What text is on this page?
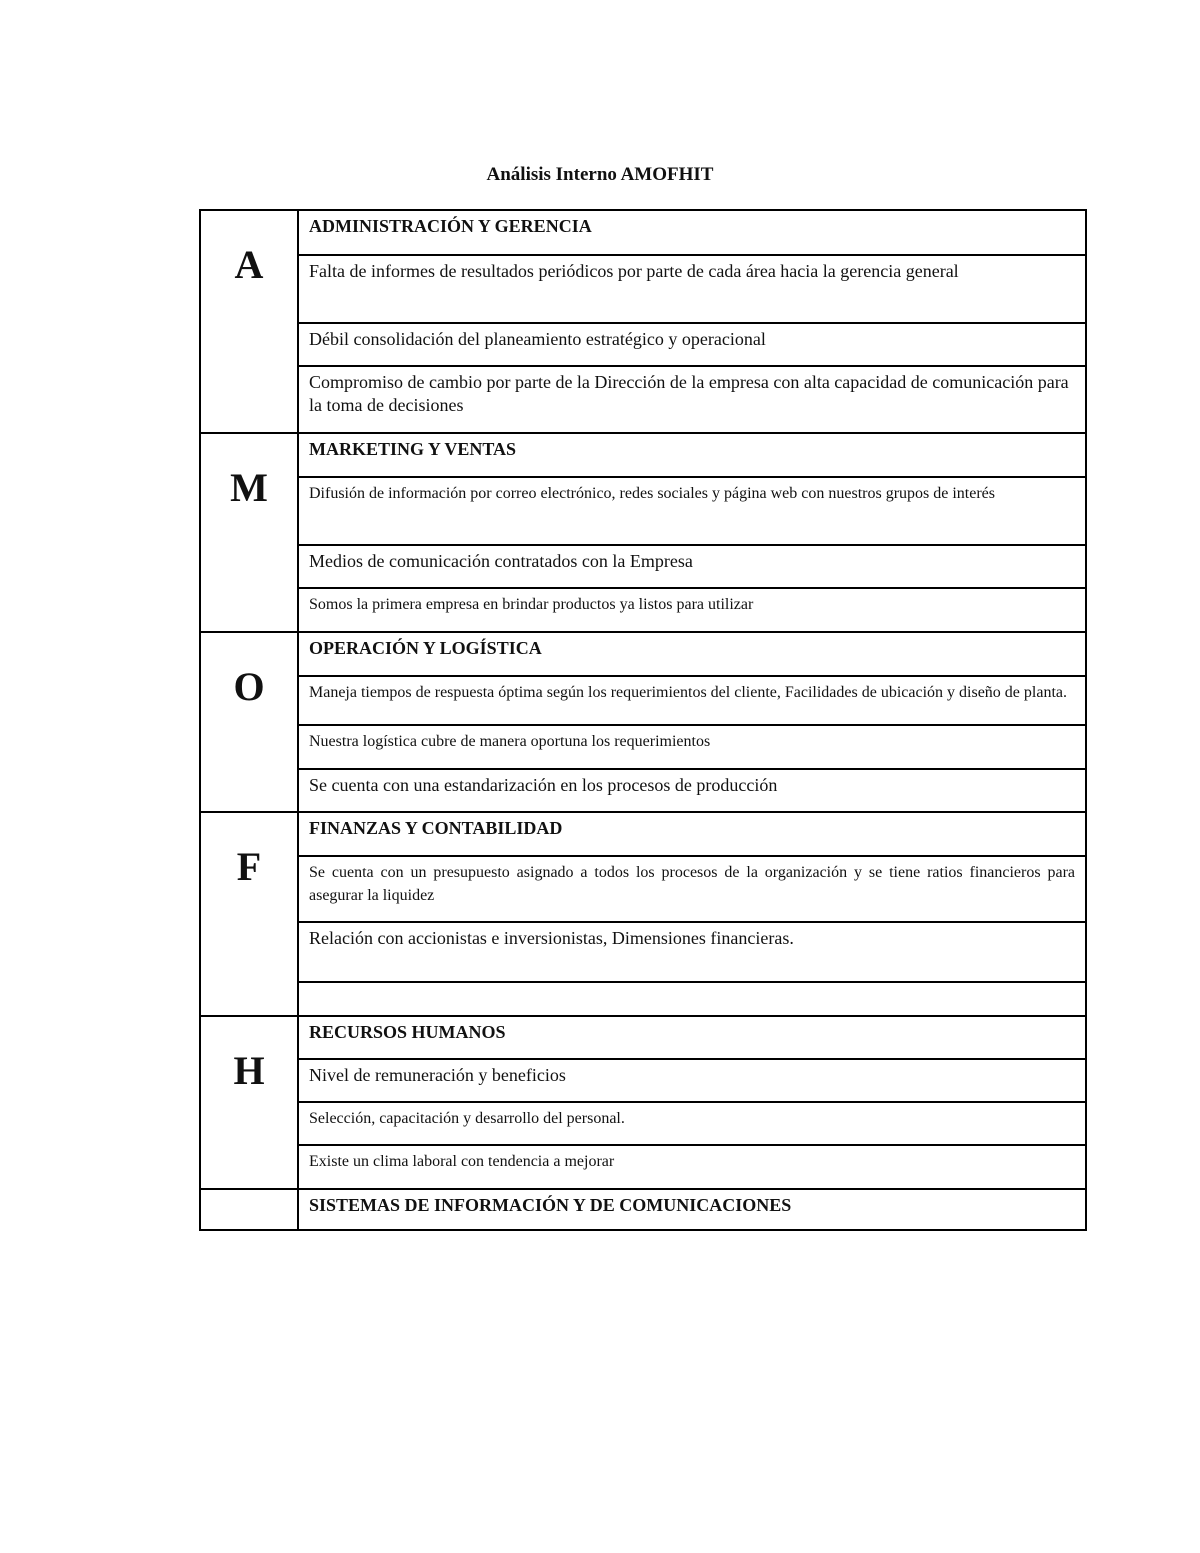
Análisis Interno AMOFHIT
A	ADMINISTRACIÓN Y GERENCIA
	Falta de informes de resultados periódicos por parte de cada área hacia la gerencia general
	Débil consolidación del planeamiento estratégico y operacional
	Compromiso de cambio por parte de la Dirección de la empresa con alta capacidad de comunicación para la toma de decisiones

M	MARKETING Y VENTAS
	Difusión de información por correo electrónico, redes sociales y página web con nuestros grupos de interés
	Medios de comunicación contratados con la Empresa
	Somos la primera empresa en brindar productos ya listos para utilizar

O	OPERACIÓN Y LOGÍSTICA
	Maneja tiempos de respuesta óptima según los requerimientos del cliente, Facilidades de ubicación y diseño de planta.
	Nuestra logística cubre de manera oportuna los requerimientos
	Se cuenta con una estandarización en los procesos de producción

F	FINANZAS Y CONTABILIDAD
	Se cuenta con un presupuesto asignado a todos los procesos de la organización y se tiene ratios financieros para asegurar la liquidez
	Relación con accionistas e inversionistas, Dimensiones financieras.

H	RECURSOS HUMANOS
	Nivel de remuneración y beneficios
	Selección, capacitación y desarrollo del personal.
	Existe un clima laboral con tendencia a mejorar

	SISTEMAS DE INFORMACIÓN Y DE COMUNICACIONES
